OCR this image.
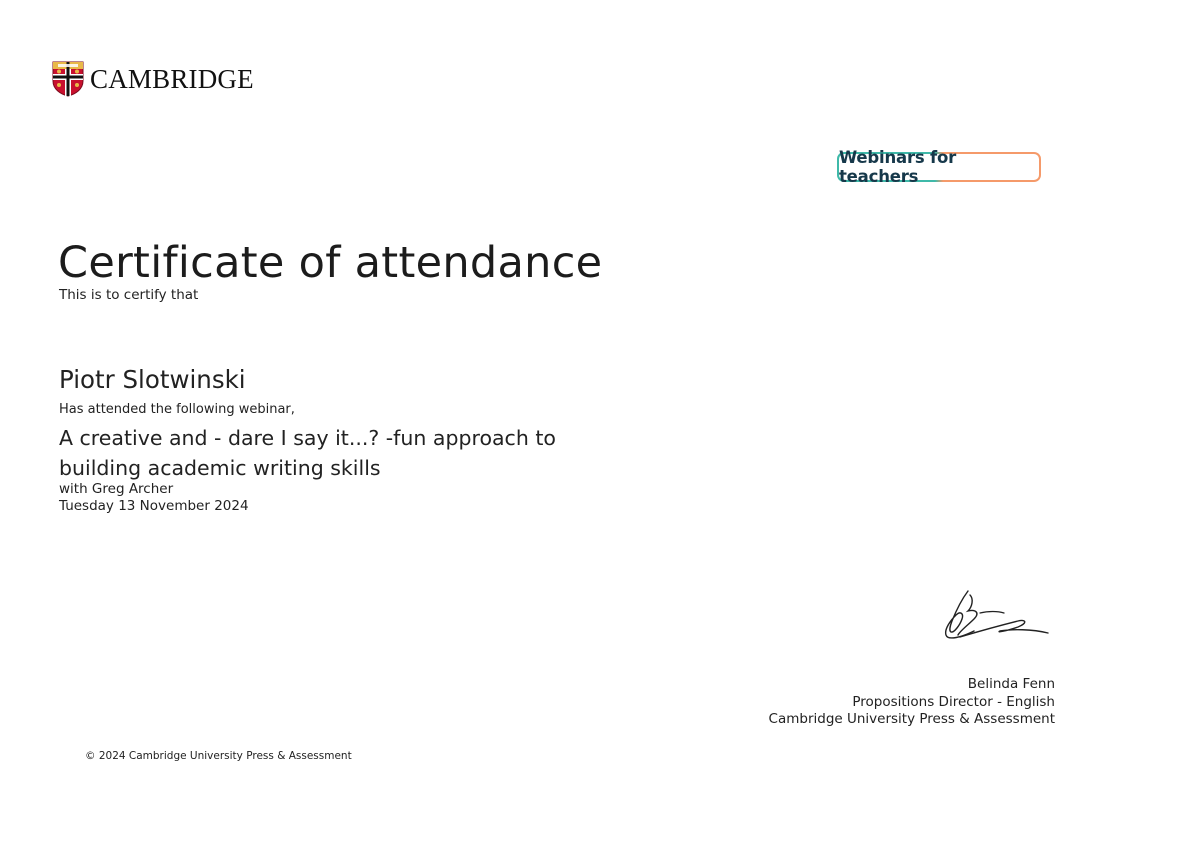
CAMBRIDGE
Webinars for teachers
Certificate of attendance
This is to certify that
Piotr Slotwinski
Has attended the following webinar,
A creative and - dare I say it...? -fun approach to
building academic writing skills
with Greg Archer
Tuesday 13 November 2024
Belinda Fenn
Propositions Director - English
Cambridge University Press & Assessment
© 2024 Cambridge University Press & Assessment
